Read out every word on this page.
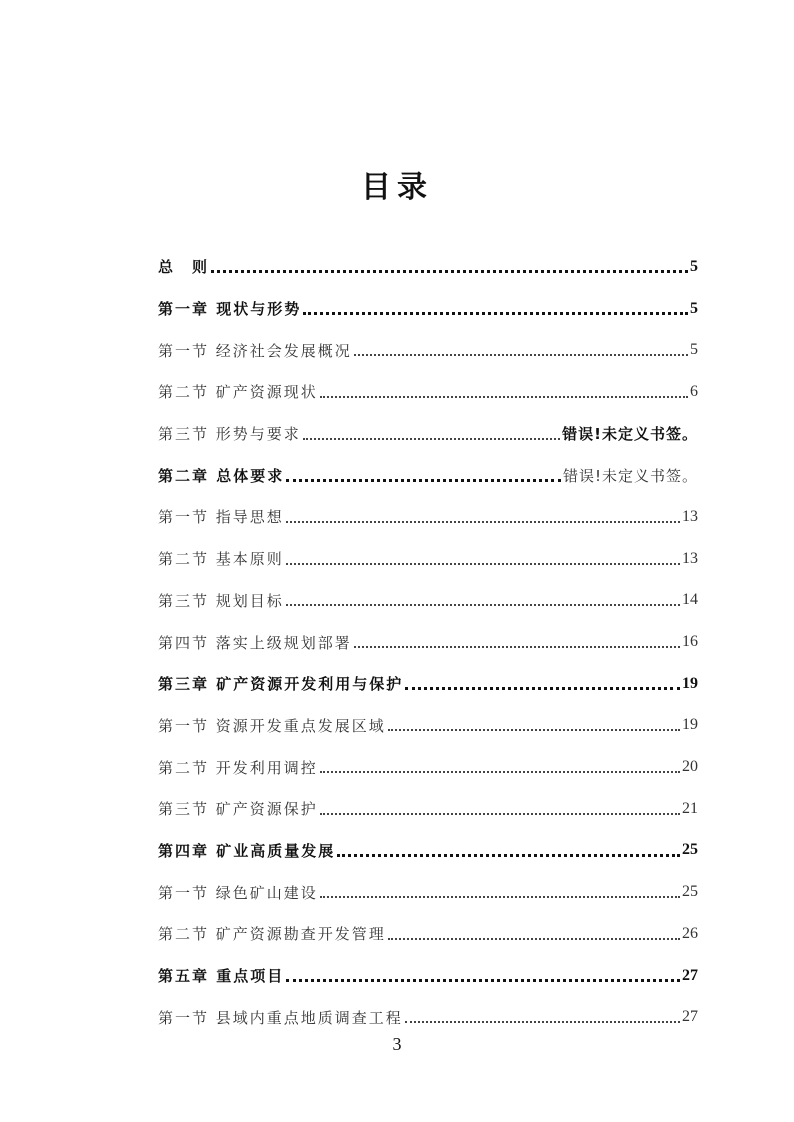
目录
总　则	5
第一章 现状与形势	5
第一节 经济社会发展概况	5
第二节 矿产资源现状	6
第三节 形势与要求	错误!未定义书签。
第二章 总体要求	错误!未定义书签。
第一节 指导思想	13
第二节 基本原则	13
第三节 规划目标	14
第四节 落实上级规划部署	16
第三章 矿产资源开发利用与保护	19
第一节 资源开发重点发展区域	19
第二节 开发利用调控	20
第三节 矿产资源保护	21
第四章 矿业高质量发展	25
第一节 绿色矿山建设	25
第二节 矿产资源勘查开发管理	26
第五章 重点项目	27
第一节 县域内重点地质调查工程	27
3
